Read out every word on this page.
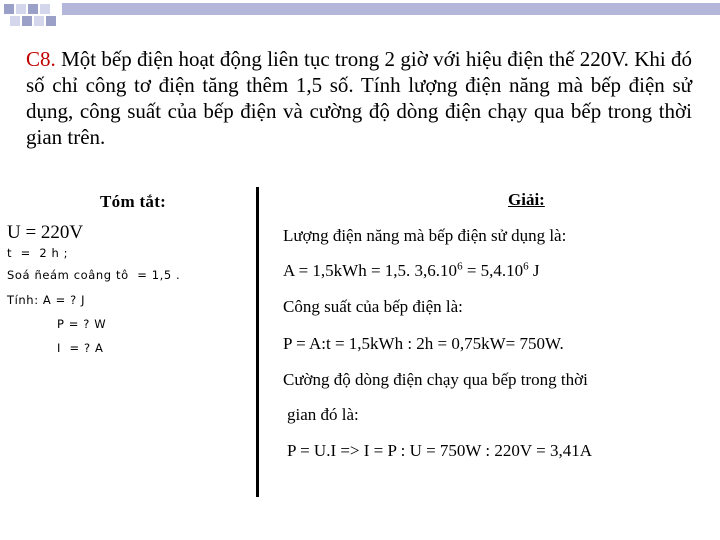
C8. Một bếp điện hoạt động liên tục trong 2 giờ với hiệu điện thế 220V. Khi đó số chỉ công tơ điện tăng thêm 1,5 số. Tính lượng điện năng mà bếp điện sử dụng, công suất của bếp điện và cường độ dòng điện chạy qua bếp trong thời gian trên.
Tóm tắt:
U = 220V
t  =  2 h ;
Soá ñeám coâng tô  = 1,5 .
Tính: A = ? J
P = ? W
I  = ? A
Giải:
Lượng điện năng mà bếp điện sử dụng là:
A = 1,5kWh = 1,5. $3,6.10^6 = 5,4.10^6$ J
Công suất của bếp điện là:
P = A:t = 1,5kWh : 2h = 0,75kW= 750W.
Cường độ dòng điện chạy qua bếp trong thời
gian đó là:
P = U.I => I = P : U = 750W : 220V = 3,41A
